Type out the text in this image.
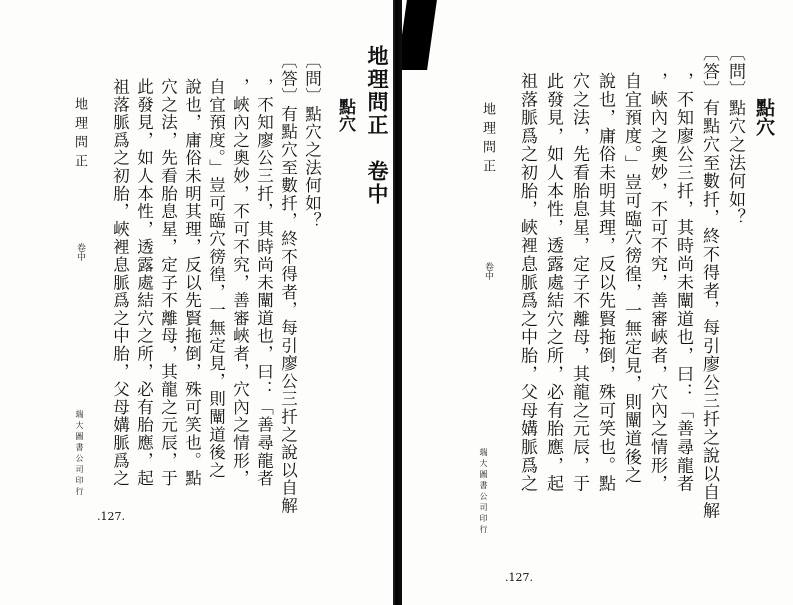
地理問正　卷中
點穴
〔問〕點穴之法何如？
〔答〕有點穴至數扦，終不得者，每引廖公三扦之說以自解
，不知廖公三扦，其時尚未闡道也，曰：「善尋龍者
，峽內之奧妙，不可不究，善審峽者，穴內之情形，
自宜預度。」豈可臨穴徬徨，一無定見，則闡道後之
說也，庸俗未明其理，反以先賢拖倒，殊可笑也。點
穴之法，先看胎息星，定子不離母，其龍之元辰，于
此發見，如人本性，透露處結穴之所，必有胎應，起
祖落脈爲之初胎，峽裡息脈爲之中胎，父母媾脈爲之
地理問正
卷中
瑞大圖書公司印行
.127.
點穴
〔問〕點穴之法何如？
〔答〕有點穴至數扦，終不得者，每引廖公三扦之說以自解
，不知廖公三扦，其時尚未闡道也，曰：「善尋龍者
，峽內之奧妙，不可不究，善審峽者，穴內之情形，
自宜預度。」豈可臨穴徬徨，一無定見，則闡道後之
說也，庸俗未明其理，反以先賢拖倒，殊可笑也。點
穴之法，先看胎息星，定子不離母，其龍之元辰，于
此發見，如人本性，透露處結穴之所，必有胎應，起
祖落脈爲之初胎，峽裡息脈爲之中胎，父母媾脈爲之
地理問正
卷中
瑞大圖書公司印行
.127.
